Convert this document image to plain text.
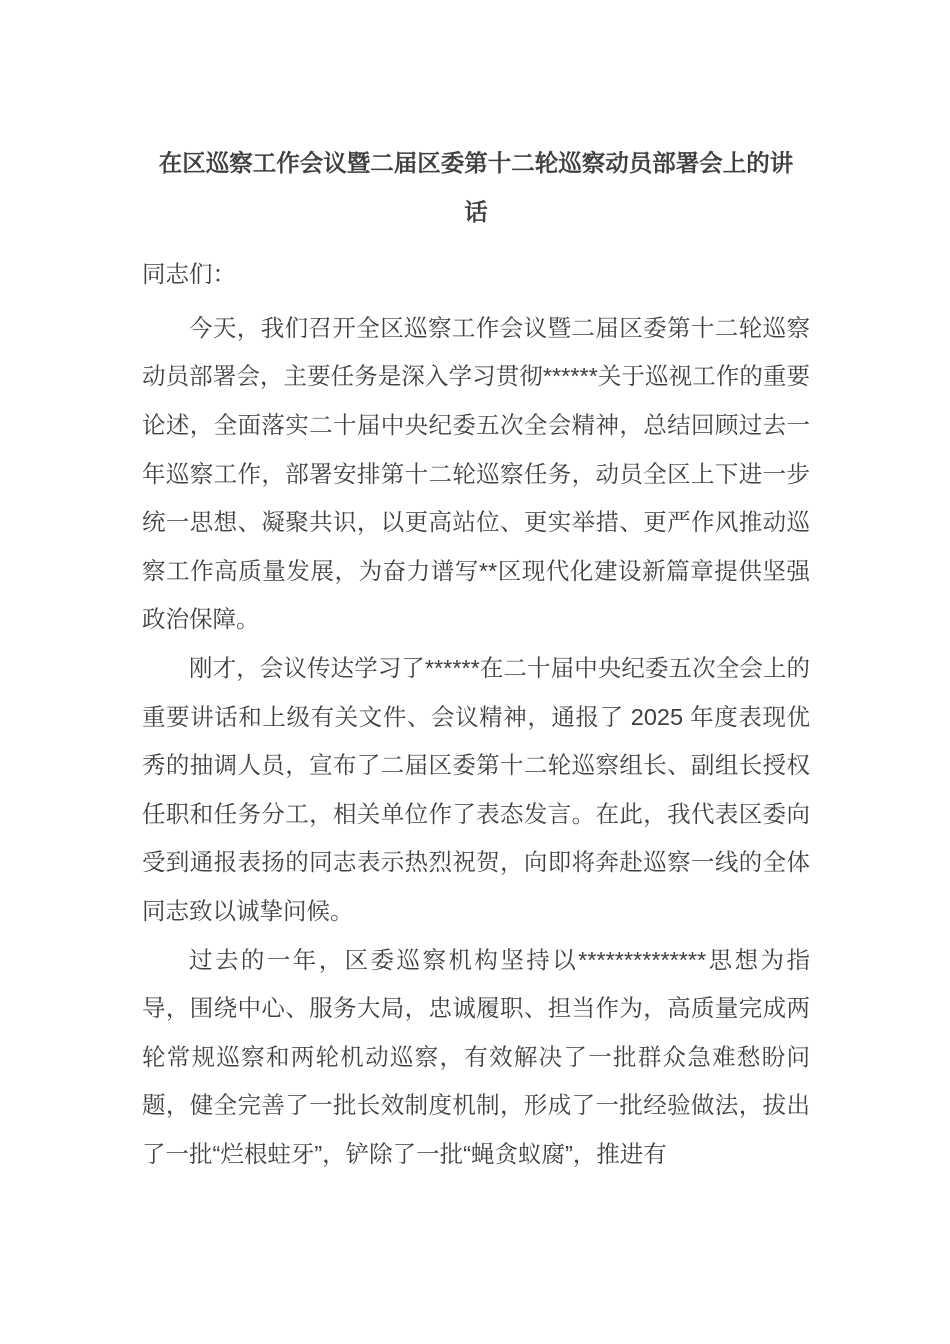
在区巡察工作会议暨二届区委第十二轮巡察动员部署会上的讲话

同志们：

今天，我们召开全区巡察工作会议暨二届区委第十二轮巡察动员部署会，主要任务是深入学习贯彻******关于巡视工作的重要论述，全面落实二十届中央纪委五次全会精神，总结回顾过去一年巡察工作，部署安排第十二轮巡察任务，动员全区上下进一步统一思想、凝聚共识，以更高站位、更实举措、更严作风推动巡察工作高质量发展，为奋力谱写**区现代化建设新篇章提供坚强政治保障。

刚才，会议传达学习了******在二十届中央纪委五次全会上的重要讲话和上级有关文件、会议精神，通报了 2025 年度表现优秀的抽调人员，宣布了二届区委第十二轮巡察组长、副组长授权任职和任务分工，相关单位作了表态发言。在此，我代表区委向受到通报表扬的同志表示热烈祝贺，向即将奔赴巡察一线的全体同志致以诚挚问候。

过去的一年，区委巡察机构坚持以**************思想为指导，围绕中心、服务大局，忠诚履职、担当作为，高质量完成两轮常规巡察和两轮机动巡察，有效解决了一批群众急难愁盼问题，健全完善了一批长效制度机制，形成了一批经验做法，拔出了一批“烂根蛀牙”，铲除了一批“蝇贪蚁腐”，推进有
